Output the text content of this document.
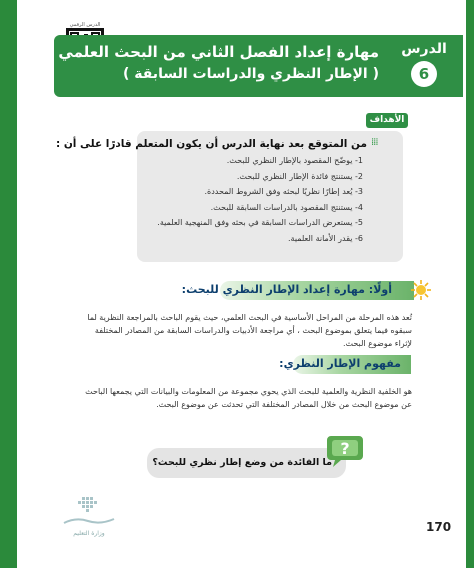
الدرس الرقمي
مهارة إعداد الفصل الثاني من البحث العلمي
( الإطار النظري والدراسات السابقة )
الدرس
6
الأهداف
⁞⁞⁞
من المتوقع بعد نهاية الدرس أن يكون المتعلم قادرًا على أن :
1- يوضّح المقصود بالإطار النظري للبحث.
2- يستنتج فائدة الإطار النظري للبحث.
3- يُعد إطارًا نظريًا لبحثه وفق الشروط المحددة.
4- يستنتج المقصود بالدراسات السابقة للبحث.
5- يستعرض الدراسات السابقة في بحثه وفق المنهجية العلمية.
6- يقدر الأمانة العلمية.
أولًا: مهارة إعداد الإطار النظري للبحث:
تُعد هذه المرحلة من المراحل الأساسية في البحث العلمي، حيث يقوم الباحث بالمراجعة النظرية لما سبقوه فيما يتعلق بموضوع البحث ، أي مراجعة الأدبيات والدراسات السابقة من المصادر المختلفة لإثراء موضوع البحث.
مفهوم الإطار النظري:
هو الخلفية النظرية والعلمية للبحث الذي يحوي مجموعة من المعلومات والبيانات التي يجمعها الباحث عن موضوع البحث من خلال المصادر المختلفة التي تحدثت عن موضوع البحث.
ما الفائدة من وضع إطار نظري للبحث؟
?
وزارة التعليم	170
